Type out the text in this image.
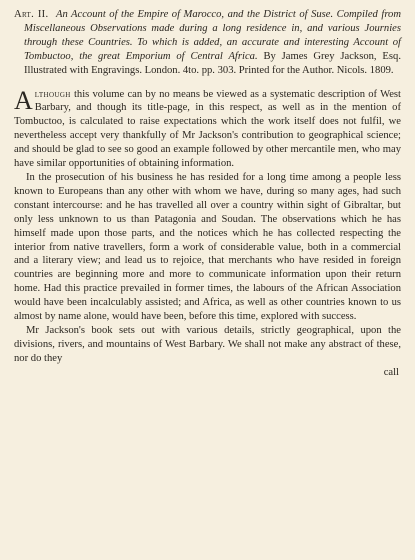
Art. II. An Account of the Empire of Marocco, and the District of Suse. Compiled from Miscellaneous Observations made during a long residence in, and various Journies through these Countries. To which is added, an accurate and interesting Account of Tombuctoo, the great Emporium of Central Africa. By James Grey Jackson, Esq. Illustrated with Engravings. London. 4to. pp. 303. Printed for the Author. Nicols. 1809.

Although this volume can by no means be viewed as a systematic description of West Barbary, and though its title-page, in this respect, as well as in the mention of Tombuctoo, is calculated to raise expectations which the work itself does not fulfil, we nevertheless accept very thankfully of Mr Jackson's contribution to geographical science; and should be glad to see so good an example followed by other mercantile men, who may have similar opportunities of obtaining information.

In the prosecution of his business he has resided for a long time among a people less known to Europeans than any other with whom we have, during so many ages, had such constant intercourse: and he has travelled all over a country within sight of Gibraltar, but only less unknown to us than Patagonia and Soudan. The observations which he has himself made upon those parts, and the notices which he has collected respecting the interior from native travellers, form a work of considerable value, both in a commercial and a literary view; and lead us to rejoice, that merchants who have resided in foreign countries are beginning more and more to communicate information upon their return home. Had this practice prevailed in former times, the labours of the African Association would have been incalculably assisted; and Africa, as well as other countries known to us almost by name alone, would have been, before this time, explored with success.

Mr Jackson's book sets out with various details, strictly geographical, upon the divisions, rivers, and mountains of West Barbary. We shall not make any abstract of these, nor do they

call
